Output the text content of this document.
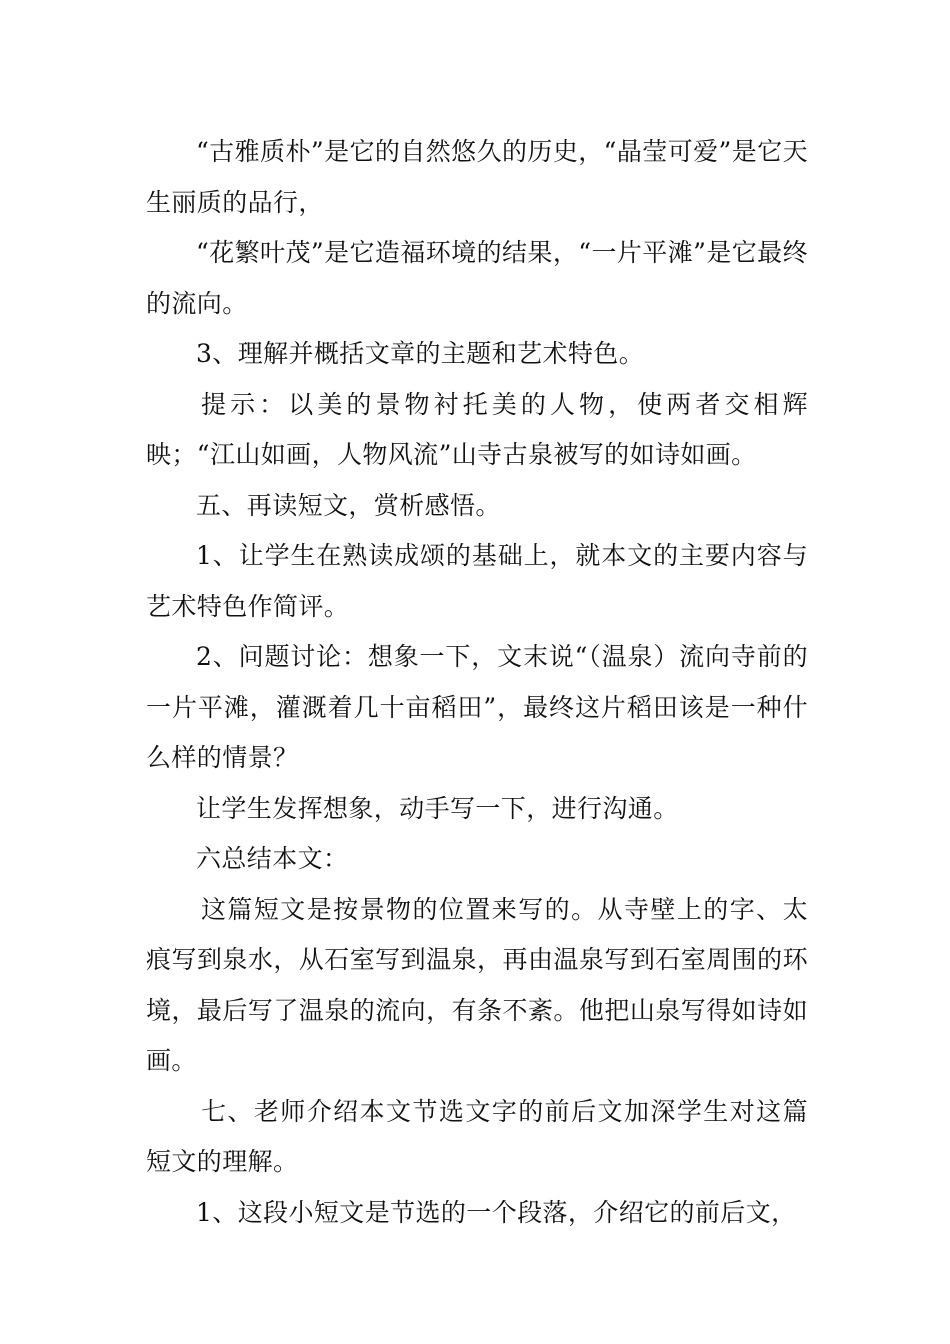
“古雅质朴”是它的自然悠久的历史，“晶莹可爱”是它天生丽质的品行，

“花繁叶茂”是它造福环境的结果，“一片平滩”是它最终的流向。

3、理解并概括文章的主题和艺术特色。

提示：以美的景物衬托美的人物，使两者交相辉映；“江山如画，人物风流”山寺古泉被写的如诗如画。

五、再读短文，赏析感悟。

1、让学生在熟读成颂的基础上，就本文的主要内容与艺术特色作简评。

2、问题讨论：想象一下，文末说“（温泉）流向寺前的一片平滩，灌溉着几十亩稻田”，最终这片稻田该是一种什么样的情景？

让学生发挥想象，动手写一下，进行沟通。

六总结本文：

这篇短文是按景物的位置来写的。从寺壁上的字、太痕写到泉水，从石室写到温泉，再由温泉写到石室周围的环境，最后写了温泉的流向，有条不紊。他把山泉写得如诗如画。

七、老师介绍本文节选文字的前后文加深学生对这篇短文的理解。

1、这段小短文是节选的一个段落，介绍它的前后文，
